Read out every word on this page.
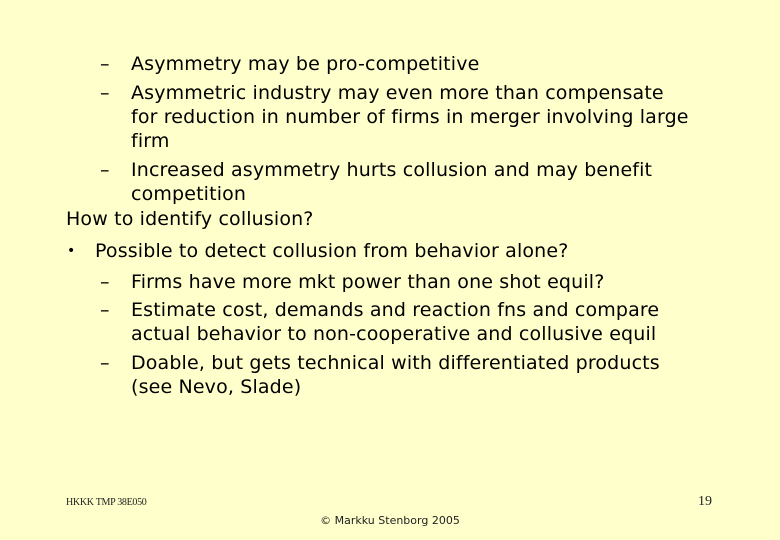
– Asymmetry may be pro-competitive
– Asymmetric industry may even more than compensate
for reduction in number of firms in merger involving large
firm
– Increased asymmetry hurts collusion and may benefit
competition
How to identify collusion?
• Possible to detect collusion from behavior alone?
– Firms have more mkt power than one shot equil?
– Estimate cost, demands and reaction fns and compare
actual behavior to non-cooperative and collusive equil
– Doable, but gets technical with differentiated products
(see Nevo, Slade)
HKKK TMP 38E050	19
© Markku Stenborg 2005
